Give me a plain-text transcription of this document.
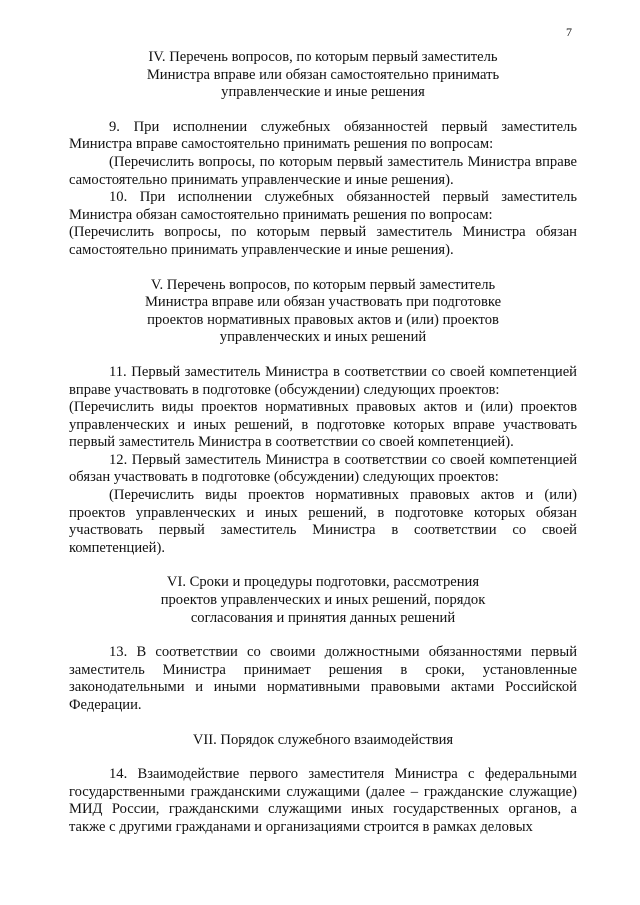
7
IV. Перечень вопросов, по которым первый заместитель
Министра вправе или обязан самостоятельно принимать
управленческие и иные решения

9. При исполнении служебных обязанностей первый заместитель Министра вправе самостоятельно принимать решения по вопросам:

(Перечислить вопросы, по которым первый заместитель Министра вправе самостоятельно принимать управленческие и иные решения).

10. При исполнении служебных обязанностей первый заместитель Министра обязан самостоятельно принимать решения по вопросам:

(Перечислить вопросы, по которым первый заместитель Министра обязан самостоятельно принимать управленческие и иные решения).

V. Перечень вопросов, по которым первый заместитель
Министра вправе или обязан участвовать при подготовке
проектов нормативных правовых актов и (или) проектов
управленческих и иных решений

11. Первый заместитель Министра в соответствии со своей компетенцией вправе участвовать в подготовке (обсуждении) следующих проектов:

(Перечислить виды проектов нормативных правовых актов и (или) проектов управленческих и иных решений, в подготовке которых вправе участвовать первый заместитель Министра в соответствии со своей компетенцией).

12. Первый заместитель Министра в соответствии со своей компетенцией обязан участвовать в подготовке (обсуждении) следующих проектов:

(Перечислить виды проектов нормативных правовых актов и (или) проектов управленческих и иных решений, в подготовке которых обязан участвовать первый заместитель Министра в соответствии со своей компетенцией).

VI. Сроки и процедуры подготовки, рассмотрения
проектов управленческих и иных решений, порядок
согласования и принятия данных решений

13. В соответствии со своими должностными обязанностями первый заместитель Министра принимает решения в сроки, установленные законодательными и иными нормативными правовыми актами Российской Федерации.

VII. Порядок служебного взаимодействия

14. Взаимодействие первого заместителя Министра с федеральными государственными гражданскими служащими (далее – гражданские служащие) МИД России, гражданскими служащими иных государственных органов, а также с другими гражданами и организациями строится в рамках деловых
